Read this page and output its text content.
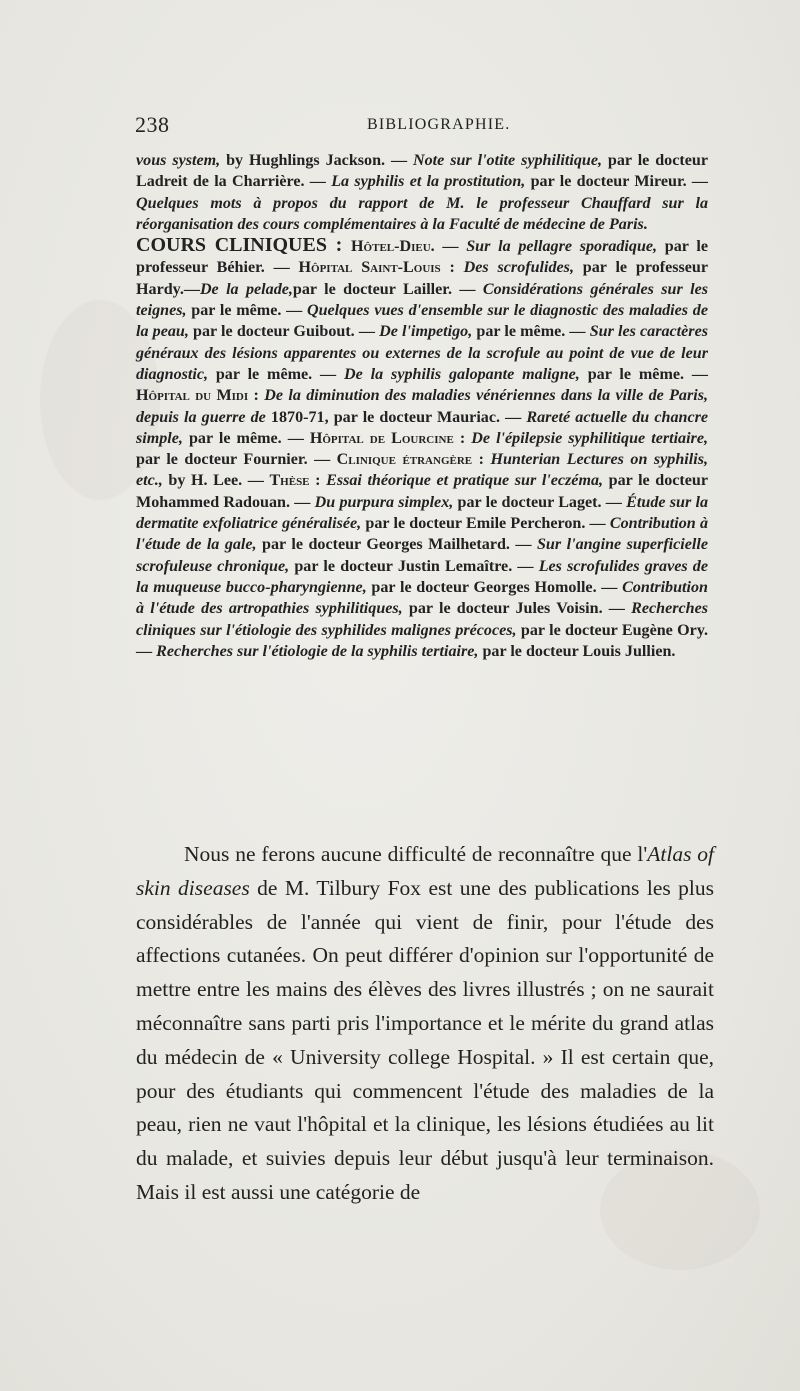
238	BIBLIOGRAPHIE.
vous system, by Hughlings Jackson. — Note sur l'otite syphilitique, par le docteur Ladreit de la Charrière. — La syphilis et la prostitution, par le docteur Mireur. — Quelques mots à propos du rapport de M. le professeur Chauffard sur la réorganisation des cours complémentaires à la Faculté de médecine de Paris.
COURS CLINIQUES : Hôtel-Dieu. — Sur la pellagre sporadique, par le professeur Béhier. — Hôpital Saint-Louis : Des scrofulides, par le professeur Hardy.—De la pelade,par le docteur Lailler. — Considérations générales sur les teignes, par le même. — Quelques vues d'ensemble sur le diagnostic des maladies de la peau, par le docteur Guibout. — De l'impetigo, par le même. — Sur les caractères généraux des lésions apparentes ou externes de la scrofule au point de vue de leur diagnostic, par le même. — De la syphilis galopante maligne, par le même. — Hôpital du Midi : De la diminution des maladies vénériennes dans la ville de Paris, depuis la guerre de 1870-71, par le docteur Mauriac. — Rareté actuelle du chancre simple, par le même. — Hôpital de Lourcine : De l'épilepsie syphilitique tertiaire, par le docteur Fournier. — Clinique étrangère : Hunterian Lectures on syphilis, etc., by H. Lee. — Thèse : Essai théorique et pratique sur l'eczéma, par le docteur Mohammed Radouan. — Du purpura simplex, par le docteur Laget. — Étude sur la dermatite exfoliatrice généralisée, par le docteur Emile Percheron. — Contribution à l'étude de la gale, par le docteur Georges Mailhetard. — Sur l'angine superficielle scrofuleuse chronique, par le docteur Justin Lemaître. — Les scrofulides graves de la muqueuse bucco-pharyngienne, par le docteur Georges Homolle. — Contribution à l'étude des artropathies syphilitiques, par le docteur Jules Voisin. — Recherches cliniques sur l'étiologie des syphilides malignes précoces, par le docteur Eugène Ory. — Recherches sur l'étiologie de la syphilis tertiaire, par le docteur Louis Jullien.
Nous ne ferons aucune difficulté de reconnaître que l'Atlas of skin diseases de M. Tilbury Fox est une des publications les plus considérables de l'année qui vient de finir, pour l'étude des affections cutanées. On peut différer d'opinion sur l'opportunité de mettre entre les mains des élèves des livres illustrés ; on ne saurait méconnaître sans parti pris l'importance et le mérite du grand atlas du médecin de « University college Hospital. » Il est certain que, pour des étudiants qui commencent l'étude des maladies de la peau, rien ne vaut l'hôpital et la clinique, les lésions étudiées au lit du malade, et suivies depuis leur début jusqu'à leur terminaison. Mais il est aussi une catégorie de
